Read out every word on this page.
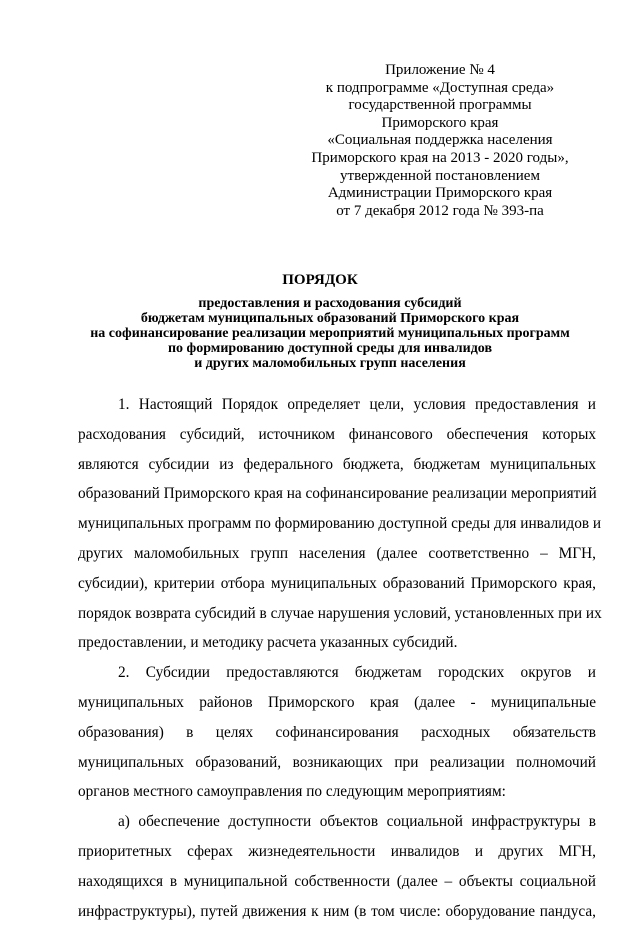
Приложение № 4
к подпрограмме «Доступная среда»
государственной программы
Приморского края
«Социальная поддержка населения
Приморского края на 2013 - 2020 годы»,
утвержденной постановлением
Администрации Приморского края
от 7 декабря 2012 года № 393-па
ПОРЯДОК
предоставления и расходования субсидий
бюджетам муниципальных образований Приморского края
на софинансирование реализации мероприятий муниципальных программ
по формированию доступной среды для инвалидов
и других маломобильных групп населения
1. Настоящий Порядок определяет цели, условия предоставления и
расходования субсидий, источником финансового обеспечения которых
являются субсидии из федерального бюджета, бюджетам муниципальных
образований Приморского края на софинансирование реализации мероприятий
муниципальных программ по формированию доступной среды для инвалидов и
других маломобильных групп населения (далее соответственно – МГН,
субсидии), критерии отбора муниципальных образований Приморского края,
порядок возврата субсидий в случае нарушения условий, установленных при их
предоставлении, и методику расчета указанных субсидий.
2. Субсидии предоставляются бюджетам городских округов и
муниципальных районов Приморского края (далее - муниципальные
образования) в целях софинансирования расходных обязательств
муниципальных образований, возникающих при реализации полномочий
органов местного самоуправления по следующим мероприятиям:
а) обеспечение доступности объектов социальной инфраструктуры в
приоритетных сферах жизнедеятельности инвалидов и других МГН,
находящихся в муниципальной собственности (далее – объекты социальной
инфраструктуры), путей движения к ним (в том числе: оборудование пандуса,
